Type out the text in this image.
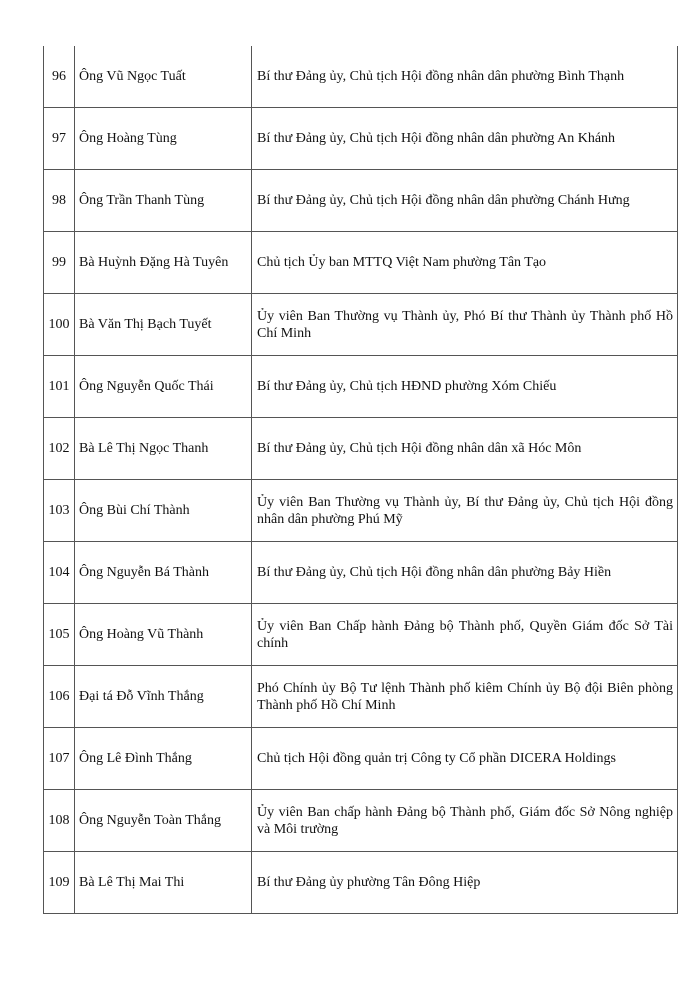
96	Ông Vũ Ngọc Tuất	Bí thư Đảng ủy, Chủ tịch Hội đồng nhân dân phường Bình Thạnh
97	Ông Hoàng Tùng	Bí thư Đảng ủy, Chủ tịch Hội đồng nhân dân phường An Khánh
98	Ông Trần Thanh Tùng	Bí thư Đảng ủy, Chủ tịch Hội đồng nhân dân phường Chánh Hưng
99	Bà Huỳnh Đặng Hà Tuyên	Chủ tịch Ủy ban MTTQ Việt Nam phường Tân Tạo
100	Bà Văn Thị Bạch Tuyết	Ủy viên Ban Thường vụ Thành ủy, Phó Bí thư Thành ủy Thành phố Hồ Chí Minh
101	Ông Nguyễn Quốc Thái	Bí thư Đảng ủy, Chủ tịch HĐND phường Xóm Chiếu
102	Bà Lê Thị Ngọc Thanh	Bí thư Đảng ủy, Chủ tịch Hội đồng nhân dân xã Hóc Môn
103	Ông Bùi Chí Thành	Ủy viên Ban Thường vụ Thành ủy, Bí thư Đảng ủy, Chủ tịch Hội đồng nhân dân phường Phú Mỹ
104	Ông Nguyễn Bá Thành	Bí thư Đảng ủy, Chủ tịch Hội đồng nhân dân phường Bảy Hiền
105	Ông Hoàng Vũ Thành	Ủy viên Ban Chấp hành Đảng bộ Thành phố, Quyền Giám đốc Sở Tài chính
106	Đại tá Đỗ Vĩnh Thắng	Phó Chính ủy Bộ Tư lệnh Thành phố kiêm Chính ủy Bộ đội Biên phòng Thành phố Hồ Chí Minh
107	Ông Lê Đình Thắng	Chủ tịch Hội đồng quản trị Công ty Cổ phần DICERA Holdings
108	Ông Nguyễn Toàn Thắng	Ủy viên Ban chấp hành Đảng bộ Thành phố, Giám đốc Sở Nông nghiệp và Môi trường
109	Bà Lê Thị Mai Thi	Bí thư Đảng ủy phường Tân Đông Hiệp
